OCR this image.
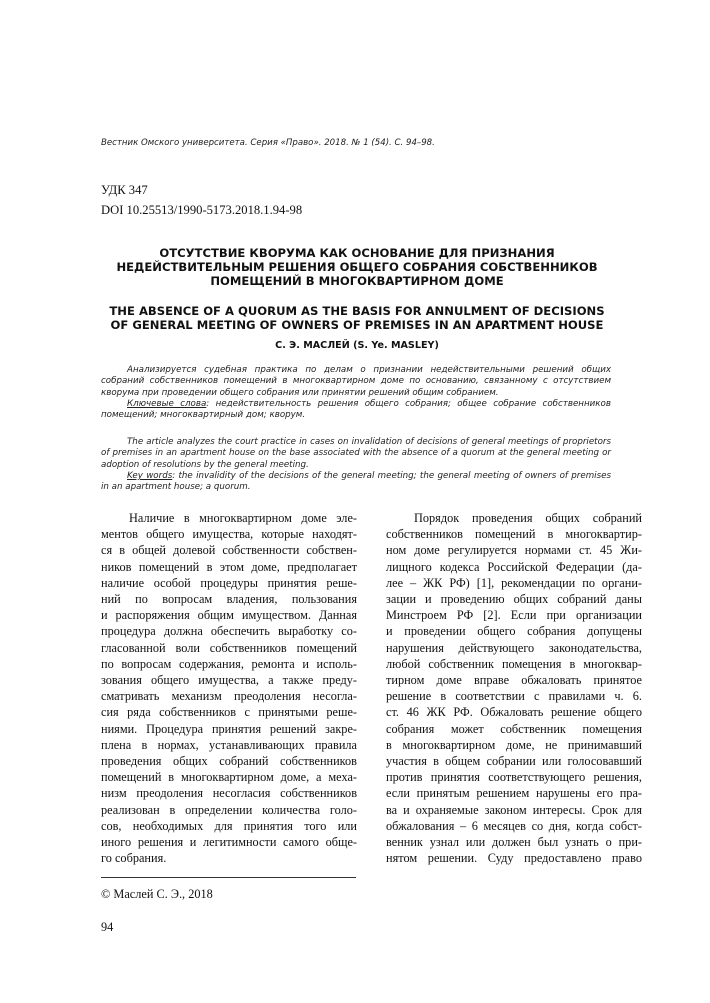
Вестник Омского университета. Серия «Право». 2018. № 1 (54). С. 94–98.
УДК 347
DOI 10.25513/1990-5173.2018.1.94-98
ОТСУТСТВИЕ КВОРУМА КАК ОСНОВАНИЕ ДЛЯ ПРИЗНАНИЯ
НЕДЕЙСТВИТЕЛЬНЫМ РЕШЕНИЯ ОБЩЕГО СОБРАНИЯ СОБСТВЕННИКОВ
ПОМЕЩЕНИЙ В МНОГОКВАРТИРНОМ ДОМЕ
THE ABSENCE OF A QUORUM AS THE BASIS FOR ANNULMENT OF DECISIONS
OF GENERAL MEETING OF OWNERS OF PREMISES IN AN APARTMENT HOUSE
С. Э. МАСЛЕЙ (S. Ye. MASLEY)

Анализируется судебная практика по делам о признании недействительными решений общих собраний собственников помещений в многоквартирном доме по основанию, связанному с отсутствием кворума при проведении общего собрания или принятии решений общим собранием.

Ключевые слова: недействительность решения общего собрания; общее собрание собственников помещений; многоквартирный дом; кворум.

The article analyzes the court practice in cases on invalidation of decisions of general meetings of proprietors of premises in an apartment house on the base associated with the absence of a quorum at the general meeting or adoption of resolutions by the general meeting.

Key words: the invalidity of the decisions of the general meeting; the general meeting of owners of premises in an apartment house; a quorum.

Наличие в многоквартирном доме эле-
ментов общего имущества, которые находят-
ся в общей долевой собственности собствен-
ников помещений в этом доме, предполагает
наличие особой процедуры принятия реше-
ний по вопросам владения, пользования
и распоряжения общим имуществом. Данная
процедура должна обеспечить выработку со-
гласованной воли собственников помещений
по вопросам содержания, ремонта и исполь-
зования общего имущества, а также преду-
сматривать механизм преодоления несогла-
сия ряда собственников с принятыми реше-
ниями. Процедура принятия решений закре-
плена в нормах, устанавливающих правила
проведения общих собраний собственников
помещений в многоквартирном доме, а меха-
низм преодоления несогласия собственников
реализован в определении количества голо-
сов, необходимых для принятия того или
иного решения и легитимности самого обще-
го собрания.
Порядок проведения общих собраний
собственников помещений в многоквартир-
ном доме регулируется нормами ст. 45 Жи-
лищного кодекса Российской Федерации (да-
лее – ЖК РФ) [1], рекомендации по органи-
зации и проведению общих собраний даны
Минстроем РФ [2]. Если при организации
и проведении общего собрания допущены
нарушения действующего законодательства,
любой собственник помещения в многоквар-
тирном доме вправе обжаловать принятое
решение в соответствии с правилами ч. 6.
ст. 46 ЖК РФ. Обжаловать решение общего
собрания может собственник помещения
в многоквартирном доме, не принимавший
участия в общем собрании или голосовавший
против принятия соответствующего решения,
если принятым решением нарушены его пра-
ва и охраняемые законом интересы. Срок для
обжалования – 6 месяцев со дня, когда собст-
венник узнал или должен был узнать о при-
нятом решении. Суду предоставлено право
© Маслей С. Э., 2018
94
